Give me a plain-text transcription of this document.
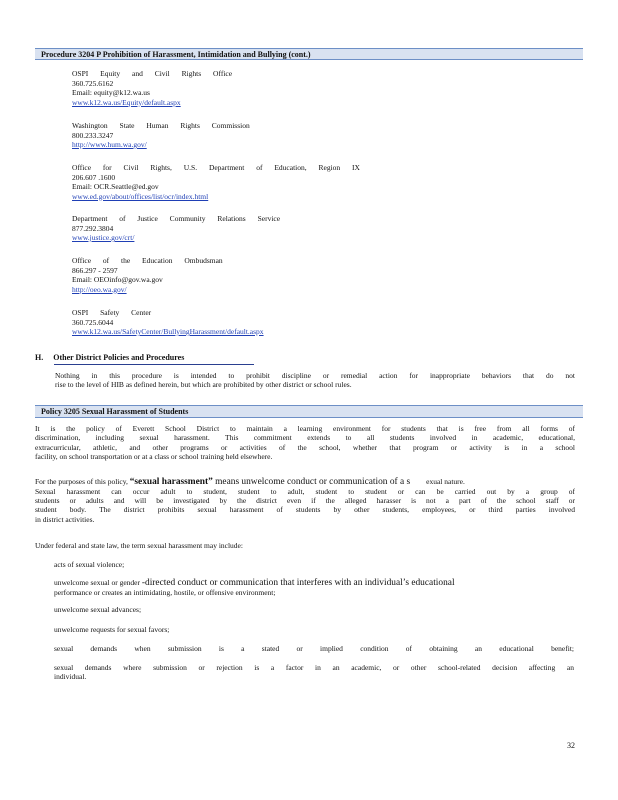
Procedure 3204 P Prohibition of Harassment, Intimidation and Bullying (cont.)
OSPI Equity and Civil Rights Office
360.725.6162
Email: equity@k12.wa.us
www.k12.wa.us/Equity/default.aspx
Washington State Human Rights Commission
800.233.3247
http://www.hum.wa.gov/
Office for Civil Rights, U.S. Department of Education, Region IX
206.607 .1600
Email: OCR.Seattle@ed.gov
www.ed.gov/about/offices/list/ocr/index.html
Department of Justice Community Relations Service
877.292.3804
www.justice.gov/crt/
Office of the Education Ombudsman
866.297 - 2597
Email: OEOinfo@gov.wa.gov
http://oeo.wa.gov/
OSPI Safety Center
360.725.6044
www.k12.wa.us/SafetyCenter/BullyingHarassment/default.aspx
H. Other District Policies and Procedures
Nothing in this procedure is intended to prohibit discipline or remedial action for inappropriate behaviors that do not
rise to the level of HIB as defined herein, but which are prohibited by other district or school rules.
Policy 3205 Sexual Harassment of Students
It is the policy of Everett School District to maintain a learning environment for students that is free from all forms of
discrimination, including sexual harassment. This commitment extends to all students involved in academic, educational,
extracurricular, athletic, and other programs or activities of the school, whether that program or activity is in a school
facility, on school transportation or at a class or school training held elsewhere.
For the purposes of this policy, “sexual harassment” means unwelcome conduct or communication of a s exual nature.
Sexual harassment can occur adult to student, student to adult, student to student or can be carried out by a group of
students or adults and will be investigated by the district even if the alleged harasser is not a part of the school staff or
student body. The district prohibits sexual harassment of students by other students, employees, or third parties involved
in district activities.
Under federal and state law, the term sexual harassment may include:
acts of sexual violence;
unwelcome sexual or gender -directed conduct or communication that interferes with an individual’s educational
performance or creates an intimidating, hostile, or offensive environment;
unwelcome sexual advances;
unwelcome requests for sexual favors;
sexual demands when submission is a stated or implied condition of obtaining an educational benefit;
sexual demands where submission or rejection is a factor in an academic, or other school-related decision affecting an
individual.
32
